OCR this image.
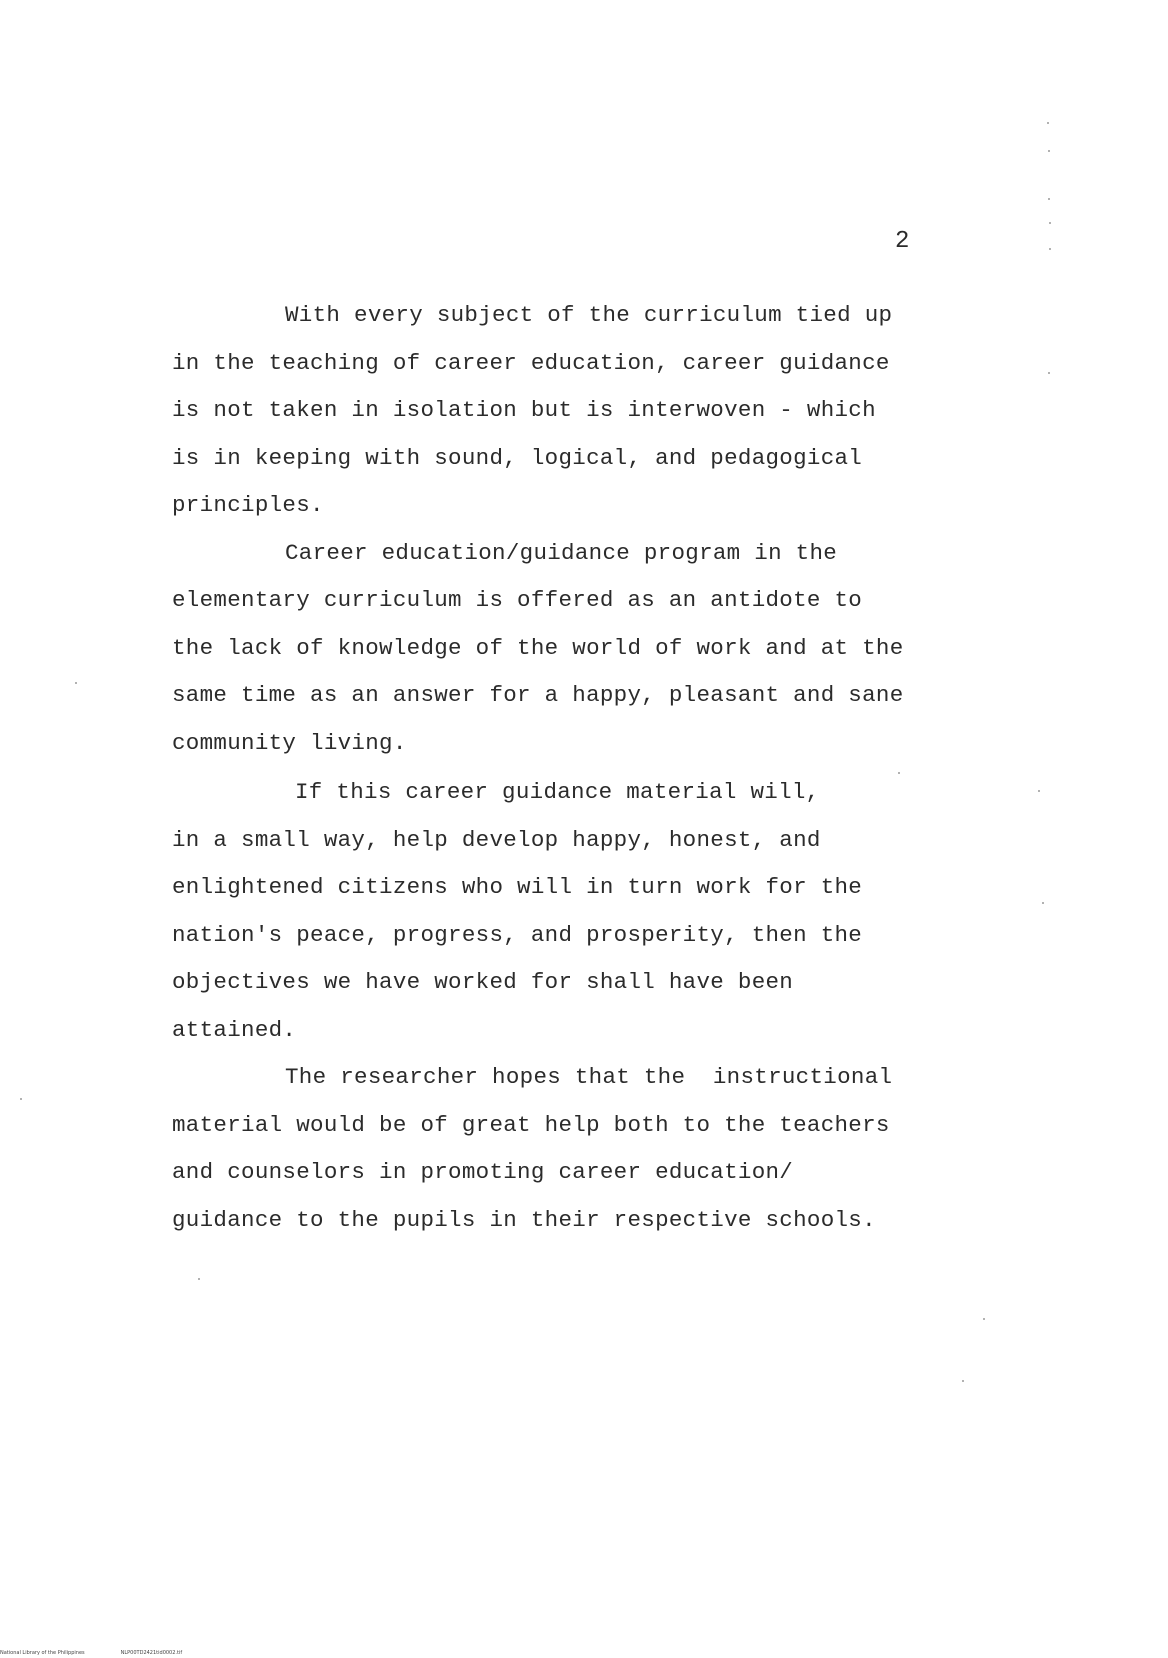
2

With every subject of the curriculum tied up

in the teaching of career education, career guidance

is not taken in isolation but is interwoven - which

is in keeping with sound, logical, and pedagogical

principles.

Career education/guidance program in the

elementary curriculum is offered as an antidote to

the lack of knowledge of the world of work and at the

same time as an answer for a happy, pleasant and sane

community living.

If this career guidance material will,

in a small way, help develop happy, honest, and

enlightened citizens who will in turn work for the

nation's peace, progress, and prosperity, then the

objectives we have worked for shall have been

attained.

The researcher hopes that the  instructional

material would be of great help both to the teachers

and counselors in promoting career education/

guidance to the pupils in their respective schools.

National Library of the Philippines	NLP00TD2421tid0002.tif
